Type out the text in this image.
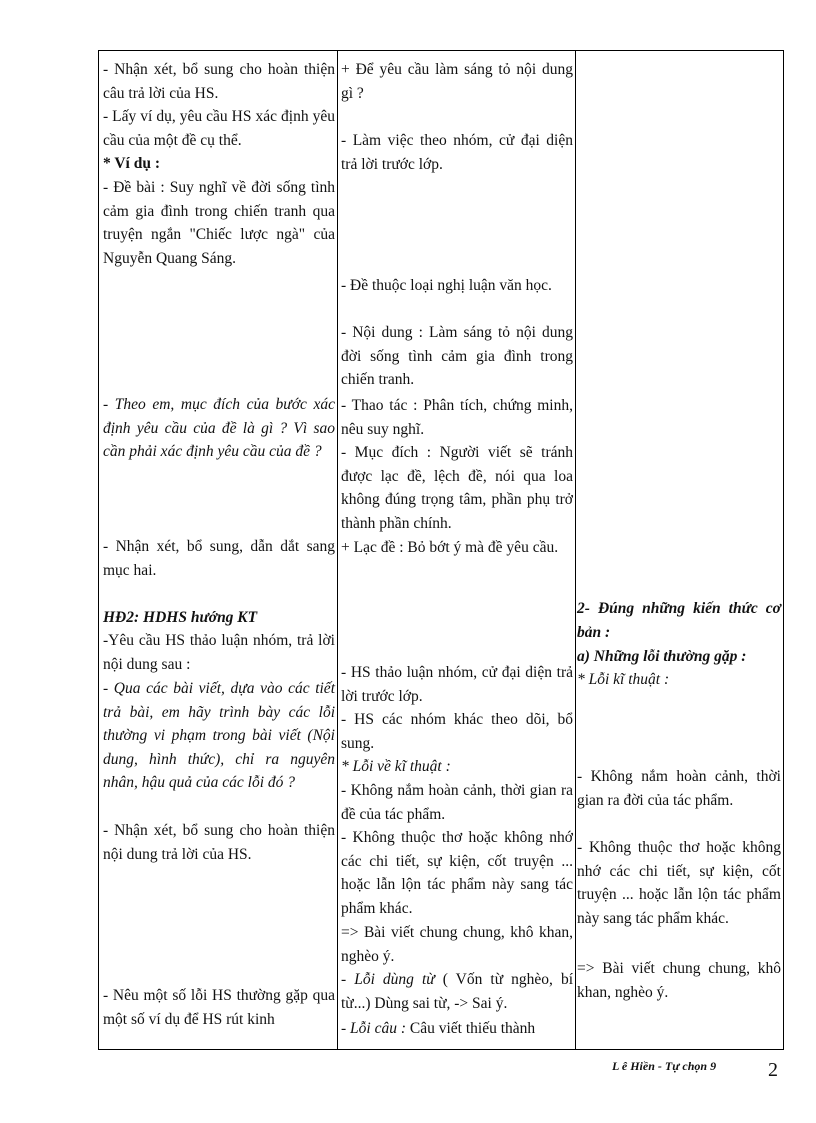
- Nhận xét, bổ sung cho hoàn thiện câu trả lời của HS.

- Lấy ví dụ, yêu cầu HS xác định yêu cầu của một đề cụ thể.

* Ví dụ :

- Đề bài : Suy nghĩ về đời sống tình cảm gia đình trong chiến tranh qua truyện ngắn "Chiếc lược ngà" của Nguyễn Quang Sáng.

- Theo em, mục đích của bước xác định yêu cầu của đề là gì ? Vì sao cần phải xác định yêu cầu của đề ?

- Nhận xét, bổ sung, dẫn dắt sang mục hai.

HĐ2: HDHS hướng KT

-Yêu cầu HS thảo luận nhóm, trả lời nội dung sau :

- Qua các bài viết, dựa vào các tiết trả bài, em hãy trình bày các lỗi thường vi phạm trong bài viết (Nội dung, hình thức), chỉ ra nguyên nhân, hậu quả của các lỗi đó ?

- Nhận xét, bổ sung cho hoàn thiện nội dung trả lời của HS.

- Nêu một số lỗi HS thường gặp qua một số ví dụ để HS rút kinh

+ Để yêu cầu làm sáng tỏ nội dung gì ?

- Làm việc theo nhóm, cử đại diện trả lời trước lớp.

- Đề thuộc loại nghị luận văn học.

- Nội dung : Làm sáng tỏ nội dung đời sống tình cảm gia đình trong chiến tranh.

- Thao tác : Phân tích, chứng minh, nêu suy nghĩ.

- Mục đích : Người viết sẽ tránh được lạc đề, lệch đề, nói qua loa không đúng trọng tâm, phần phụ trở thành phần chính.

+ Lạc đề : Bỏ bớt ý mà đề yêu cầu.

- HS thảo luận nhóm, cử đại diện trả lời trước lớp.

- HS các nhóm khác theo dõi, bổ sung.

* Lỗi về kĩ thuật :

- Không nắm hoàn cảnh, thời gian ra đề của tác phẩm.

- Không thuộc thơ hoặc không nhớ các chi tiết, sự kiện, cốt truyện ... hoặc lẫn lộn tác phẩm này sang tác phẩm khác.

=> Bài viết chung chung, khô khan, nghèo ý.

- Lỗi dùng từ ( Vốn từ nghèo, bí từ...) Dùng sai từ, -> Sai ý.

- Lỗi câu : Câu viết thiếu thành

2- Đúng những kiến thức cơ bản :

a) Những lỗi thường gặp :

* Lỗi kĩ thuật :

- Không nắm hoàn cảnh, thời gian ra đời của tác phẩm.

- Không thuộc thơ hoặc không nhớ các chi tiết, sự kiện, cốt truyện ... hoặc lẫn lộn tác phẩm này sang tác phẩm khác.

=> Bài viết chung chung, khô khan, nghèo ý.

L ê Hiền - Tự chọn 9	2
